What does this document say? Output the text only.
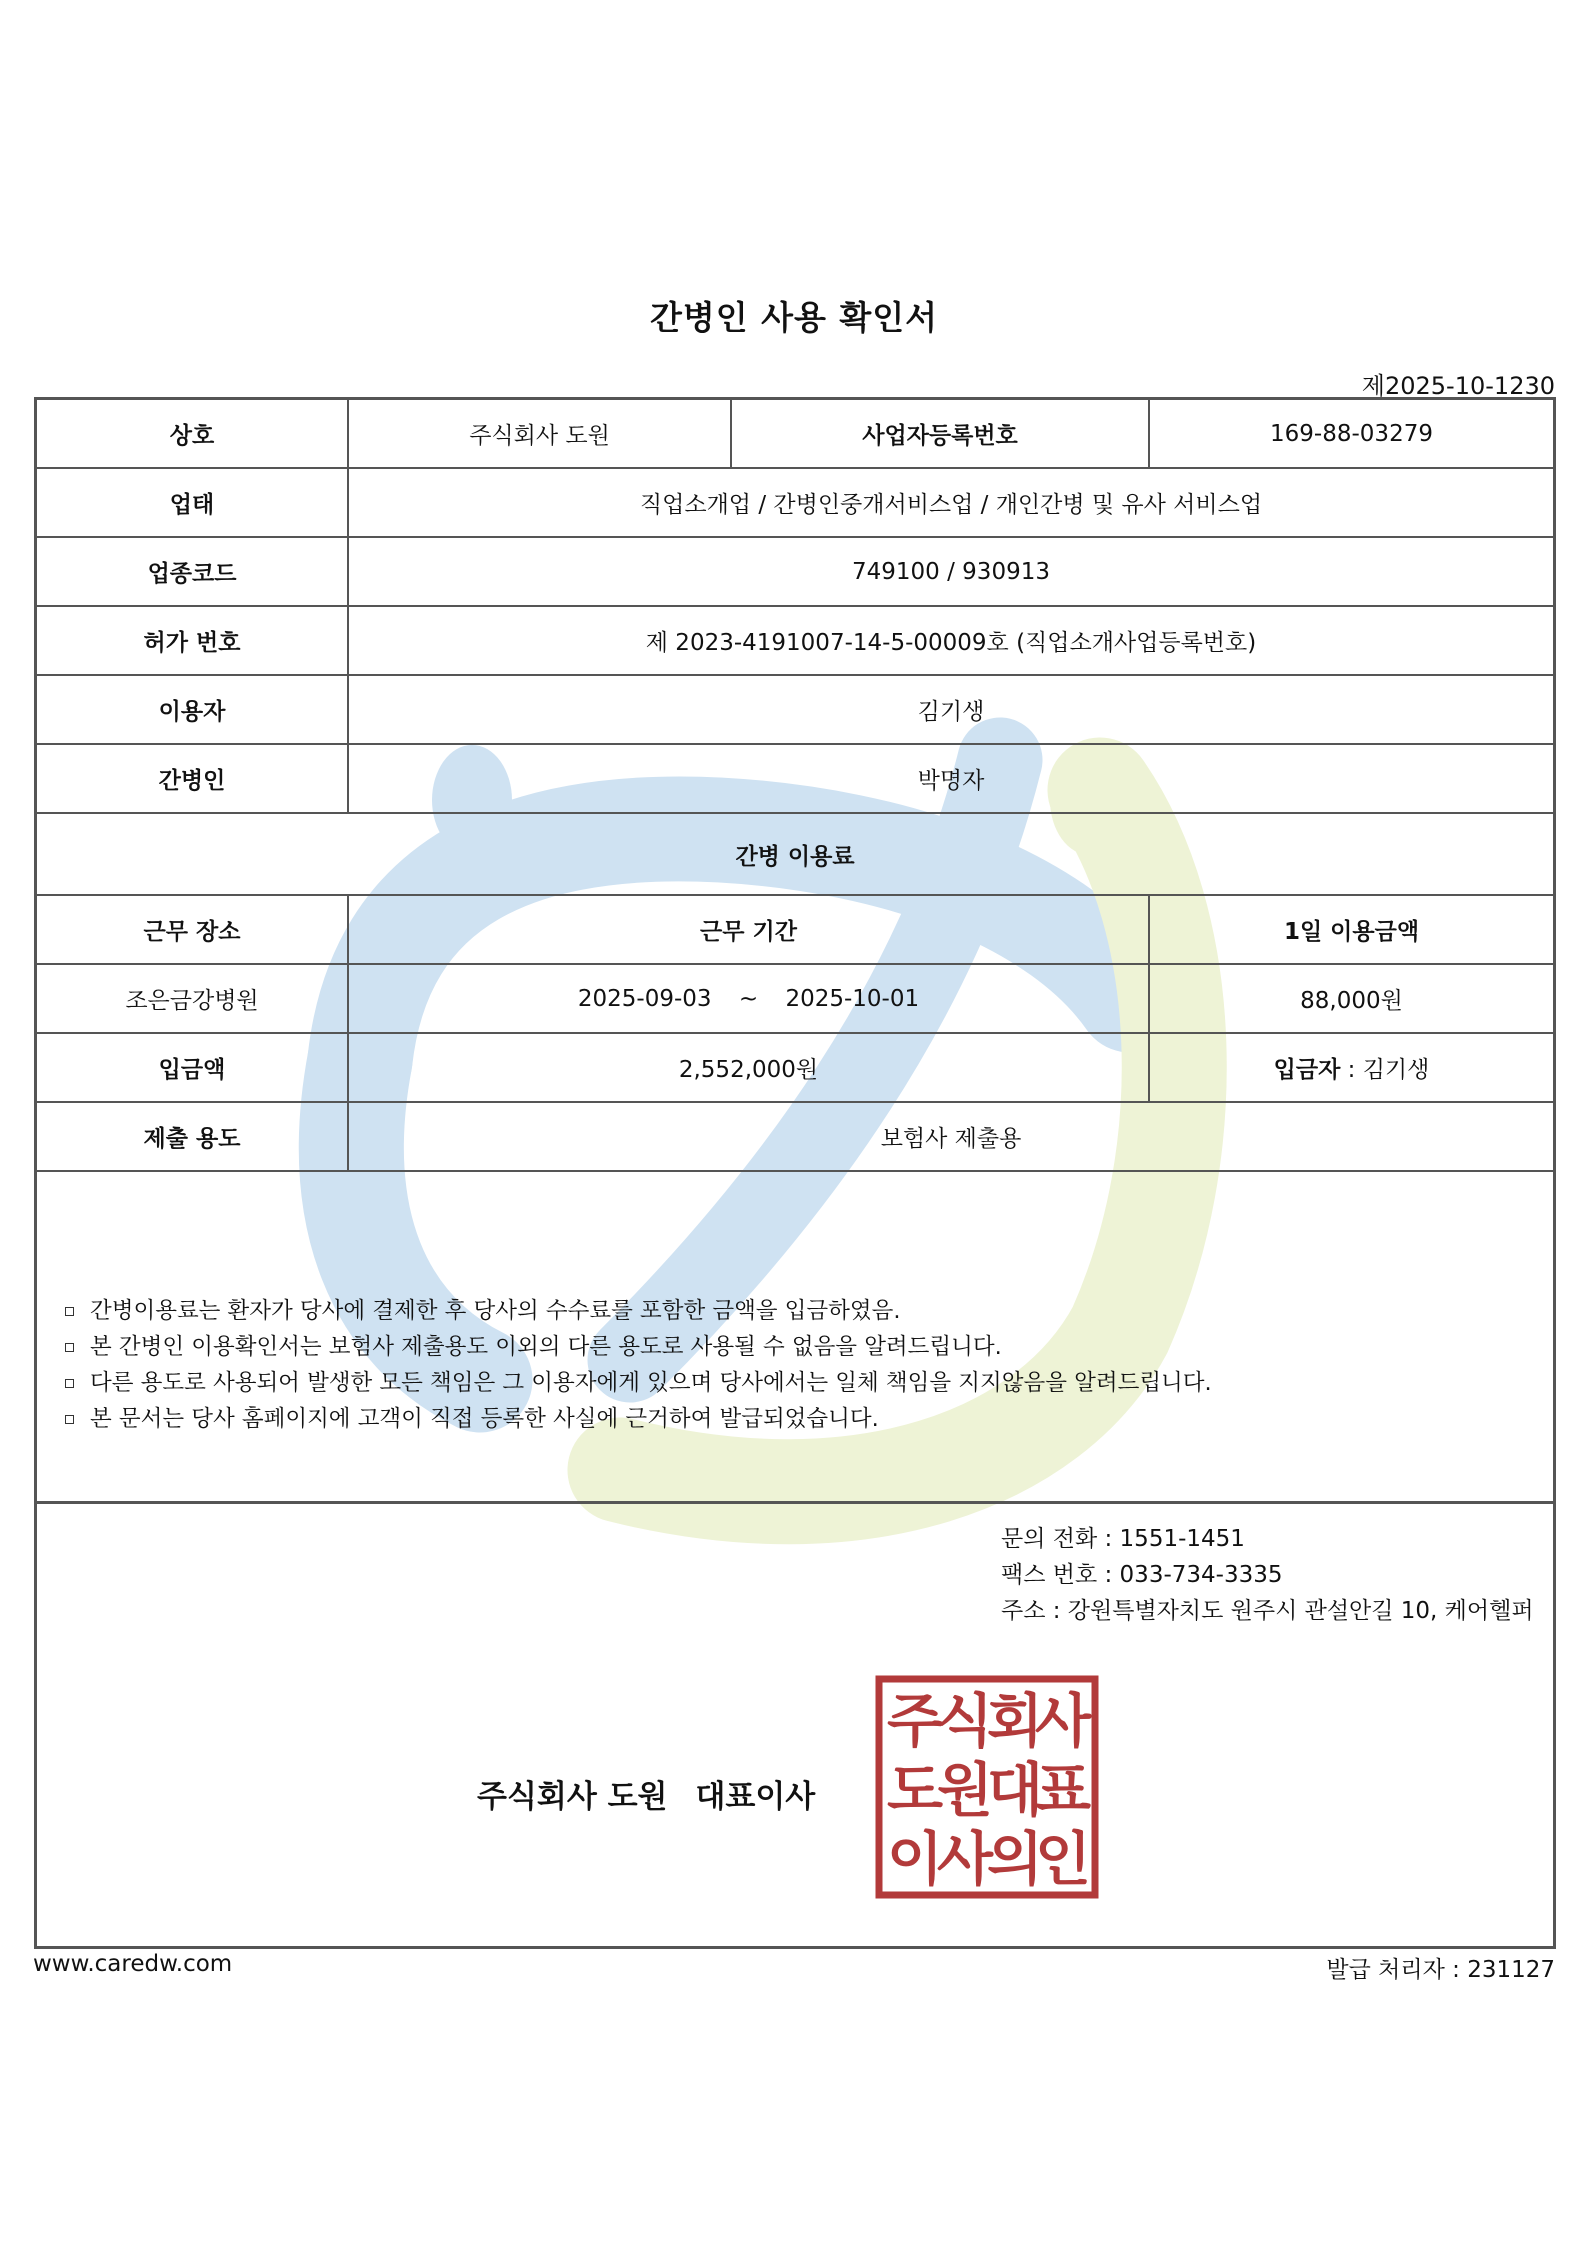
간병인 사용 확인서
제2025-10-1230
상호	주식회사 도원	사업자등록번호	169-88-03279
업태	직업소개업 / 간병인중개서비스업 / 개인간병 및 유사 서비스업		
업종코드	749100 / 930913		
허가 번호	제 2023-4191007-14-5-00009호 (직업소개사업등록번호)		
이용자	김기생		
간병인	박명자		
간병 이용료			
근무 장소	근무 기간		1일 이용금액
조은금강병원	2025-09-03 ~ 2025-10-01		88,000원
입금액	2,552,000원		입금자 : 김기생
제출 용도	보험사 제출용		
간병이용료는 환자가 당사에 결제한 후 당사의 수수료를 포함한 금액을 입금하였음.
본 간병인 이용확인서는 보험사 제출용도 이외의 다른 용도로 사용될 수 없음을 알려드립니다.
다른 용도로 사용되어 발생한 모든 책임은 그 이용자에게 있으며 당사에서는 일체 책임을 지지않음을 알려드립니다.
본 문서는 당사 홈페이지에 고객이 직접 등록한 사실에 근거하여 발급되었습니다.
문의 전화 : 1551-1451
팩스 번호 : 033-734-3335
주소 : 강원특별자치도 원주시 관설안길 10, 케어헬퍼
주식회사 도원 대표이사
주
식
회
사
도
원
대
표
이
사
의
인
www.caredw.com	발급 처리자 : 231127
